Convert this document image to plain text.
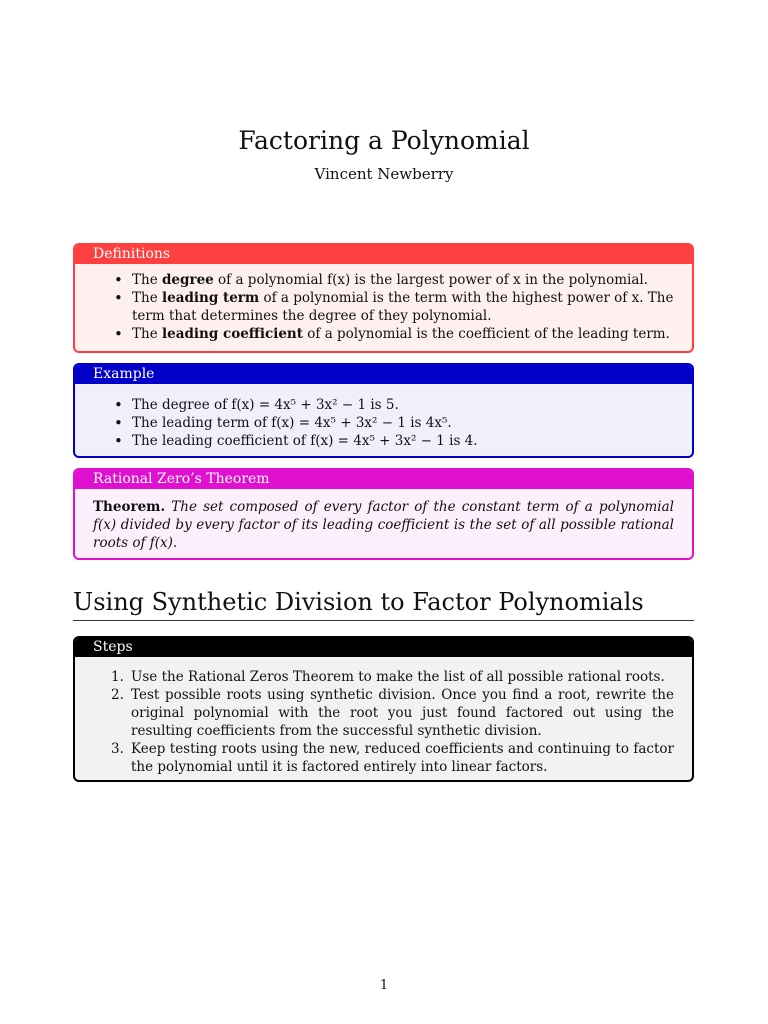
Factoring a Polynomial
Vincent Newberry
Definitions
• The degree of a polynomial f(x) is the largest power of x in the polynomial.
• The leading term of a polynomial is the term with the highest power of x. The term that determines the degree of they polynomial.
• The leading coefficient of a polynomial is the coefficient of the leading term.
Example
• The degree of f(x) = 4x⁵ + 3x² − 1 is 5.
• The leading term of f(x) = 4x⁵ + 3x² − 1 is 4x⁵.
• The leading coefficient of f(x) = 4x⁵ + 3x² − 1 is 4.
Rational Zero’s Theorem
Theorem. The set composed of every factor of the constant term of a polynomial f(x) divided by every factor of its leading coefficient is the set of all possible rational roots of f(x).
Using Synthetic Division to Factor Polynomials
Steps
Use the Rational Zeros Theorem to make the list of all possible rational roots.
Test possible roots using synthetic division. Once you find a root, rewrite the original polynomial with the root you just found factored out using the resulting coefficients from the successful synthetic division.
Keep testing roots using the new, reduced coefficients and continuing to factor the polynomial until it is factored entirely into linear factors.
1
